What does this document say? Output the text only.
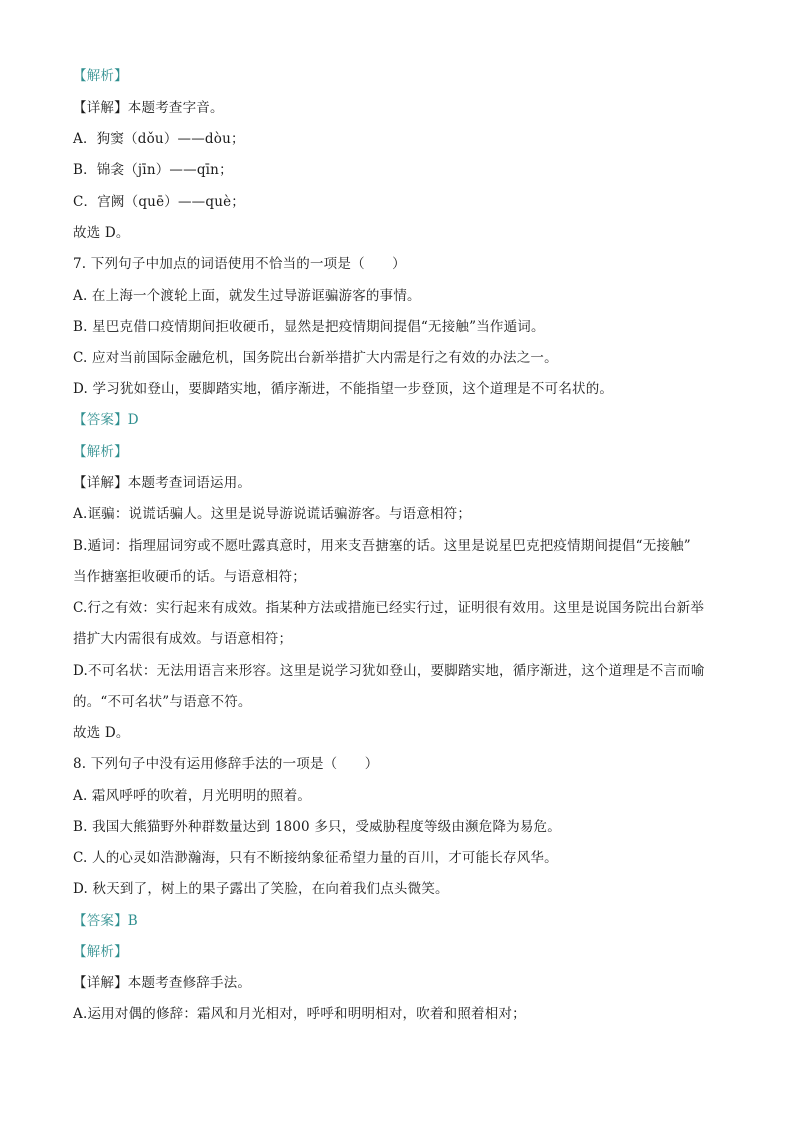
【解析】
【详解】本题考查字音。
A．狗窦（dǒu）——dòu；
B．锦衾（jīn）——qīn；
C．宫阙（quē）——què；
故选 D。
7. 下列句子中加点的词语使用不恰当的一项是（　　）
A. 在上海一个渡轮上面，就发生过导游诓骗游客的事情。
B. 星巴克借口疫情期间拒收硬币，显然是把疫情期间提倡“无接触”当作遁词。
C. 应对当前国际金融危机，国务院出台新举措扩大内需是行之有效的办法之一。
D. 学习犹如登山，要脚踏实地，循序渐进，不能指望一步登顶，这个道理是不可名状的。
【答案】D
【解析】
【详解】本题考查词语运用。
A.诓骗：说谎话骗人。这里是说导游说谎话骗游客。与语意相符；
B.遁词：指理屈词穷或不愿吐露真意时，用来支吾搪塞的话。这里是说星巴克把疫情期间提倡“无接触”
当作搪塞拒收硬币的话。与语意相符；
C.行之有效：实行起来有成效。指某种方法或措施已经实行过，证明很有效用。这里是说国务院出台新举
措扩大内需很有成效。与语意相符；
D.不可名状：无法用语言来形容。这里是说学习犹如登山，要脚踏实地，循序渐进，这个道理是不言而喻
的。“不可名状”与语意不符。
故选 D。
8. 下列句子中没有运用修辞手法的一项是（　　）
A. 霜风呼呼的吹着，月光明明的照着。
B. 我国大熊猫野外种群数量达到 1800 多只，受威胁程度等级由濒危降为易危。
C. 人的心灵如浩渺瀚海，只有不断接纳象征希望力量的百川，才可能长存风华。
D. 秋天到了，树上的果子露出了笑脸，在向着我们点头微笑。
【答案】B
【解析】
【详解】本题考查修辞手法。
A.运用对偶的修辞：霜风和月光相对，呼呼和明明相对，吹着和照着相对；
